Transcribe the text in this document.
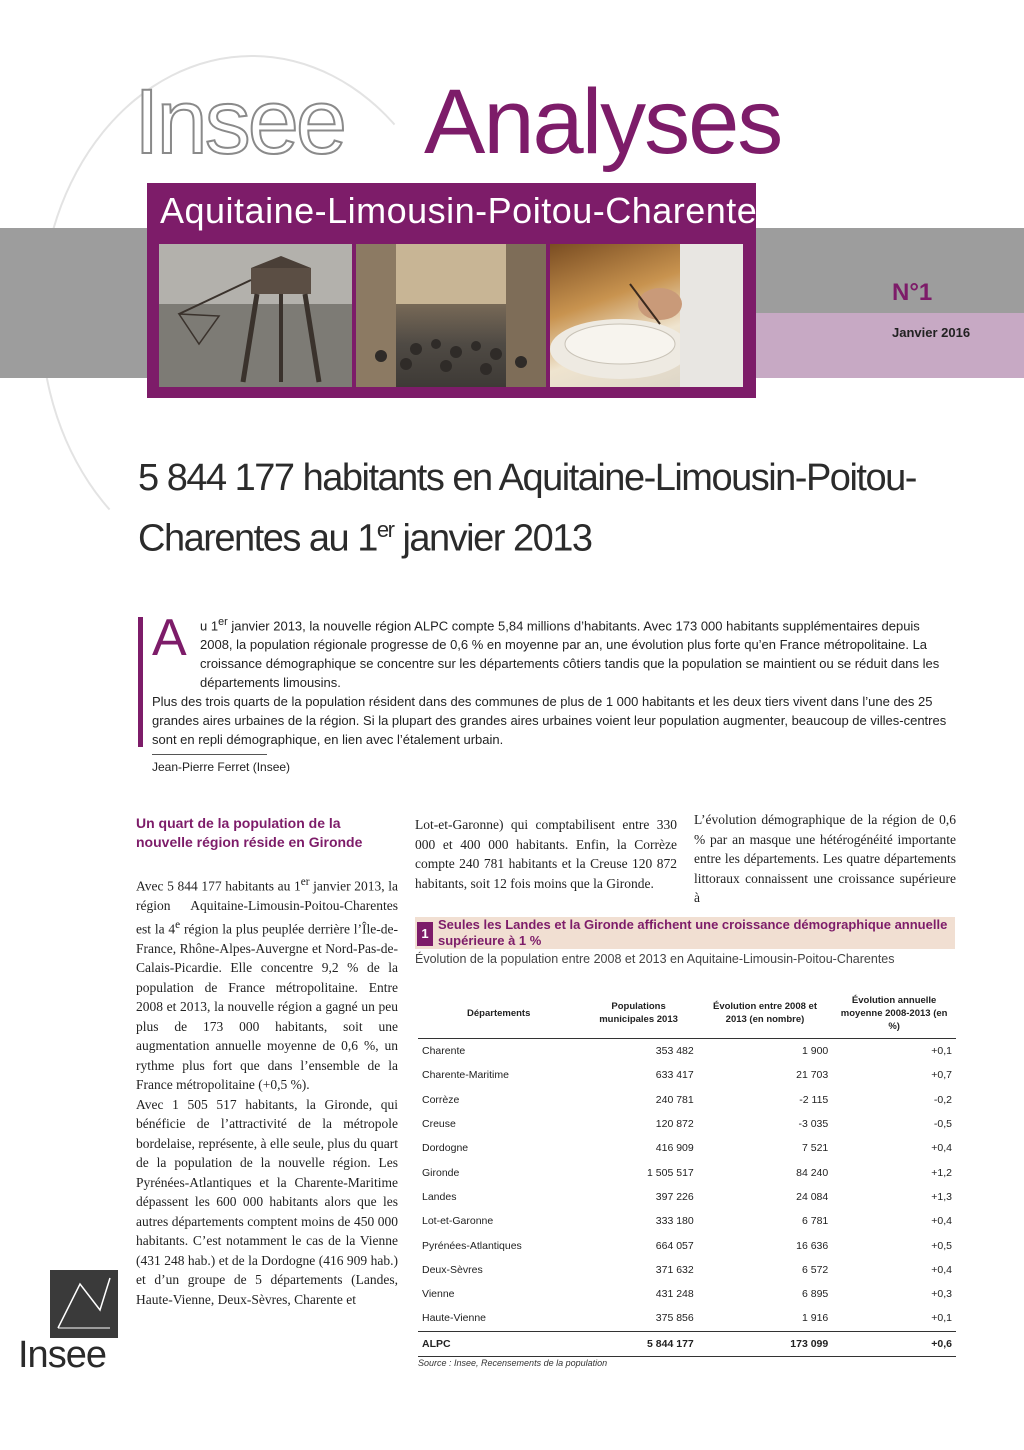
Insee Analyses
Aquitaine-Limousin-Poitou-Charentes
N°1
Janvier 2016
5 844 177 habitants en Aquitaine-Limousin-Poitou-Charentes au 1er janvier 2013
A	u 1er janvier 2013, la nouvelle région ALPC compte 5,84 millions d’habitants. Avec 173 000 habitants supplémentaires depuis 2008, la population régionale progresse de 0,6 % en moyenne par an, une évolution plus forte qu’en France métropolitaine. La croissance démographique se concentre sur les départements côtiers tandis que la population se maintient ou se réduit dans les départements limousins.
Plus des trois quarts de la population résident dans des communes de plus de 1 000 habitants et les deux tiers vivent dans l’une des 25 grandes aires urbaines de la région. Si la plupart des grandes aires urbaines voient leur population augmenter, beaucoup de villes-centres sont en repli démographique, en lien avec l’étalement urbain.

Jean-Pierre Ferret (Insee)
Un quart de la population de la nouvelle région réside en Gironde

Avec 5 844 177 habitants au 1er janvier 2013, la région Aquitaine-Limousin-Poitou-Charentes est la 4e région la plus peuplée derrière l’Île-de-France, Rhône-Alpes-Auvergne et Nord-Pas-de-Calais-Picardie. Elle concentre 9,2 % de la population de France métropolitaine. Entre 2008 et 2013, la nouvelle région a gagné un peu plus de 173 000 habitants, soit une augmentation annuelle moyenne de 0,6 %, un rythme plus fort que dans l’ensemble de la France métropolitaine (+0,5 %).

Avec 1 505 517 habitants, la Gironde, qui bénéficie de l’attractivité de la métropole bordelaise, représente, à elle seule, plus du quart de la population de la nouvelle région. Les Pyrénées-Atlantiques et la Charente-Maritime dépassent les 600 000 habitants alors que les autres départements comptent moins de 450 000 habitants. C’est notamment le cas de la Vienne (431 248 hab.) et de la Dordogne (416 909 hab.) et d’un groupe de 5 départements (Landes, Haute-Vienne, Deux-Sèvres, Charente et

Lot-et-Garonne) qui comptabilisent entre 330 000 et 400 000 habitants. Enfin, la Corrèze compte 240 781 habitants et la Creuse 120 872 habitants, soit 12 fois moins que la Gironde.

L’évolution démographique de la région de 0,6 % par an masque une hétérogénéité importante entre les départements. Les quatre départements littoraux connaissent une croissance supérieure à

1

Seules les Landes et la Gironde affichent une croissance démographique annuelle supérieure à 1 %

Évolution de la population entre 2008 et 2013 en Aquitaine-Limousin-Poitou-Charentes

Départements	Populations municipales 2013	Évolution entre 2008 et 2013 (en nombre)	Évolution annuelle moyenne 2008-2013 (en %)
Charente	353 482	1 900	+0,1
Charente-Maritime	633 417	21 703	+0,7
Corrèze	240 781	-2 115	-0,2
Creuse	120 872	-3 035	-0,5
Dordogne	416 909	7 521	+0,4
Gironde	1 505 517	84 240	+1,2
Landes	397 226	24 084	+1,3
Lot-et-Garonne	333 180	6 781	+0,4
Pyrénées-Atlantiques	664 057	16 636	+0,5
Deux-Sèvres	371 632	6 572	+0,4
Vienne	431 248	6 895	+0,3
Haute-Vienne	375 856	1 916	+0,1
ALPC	5 844 177	173 099	+0,6
Source : Insee, Recensements de la population
Insee
